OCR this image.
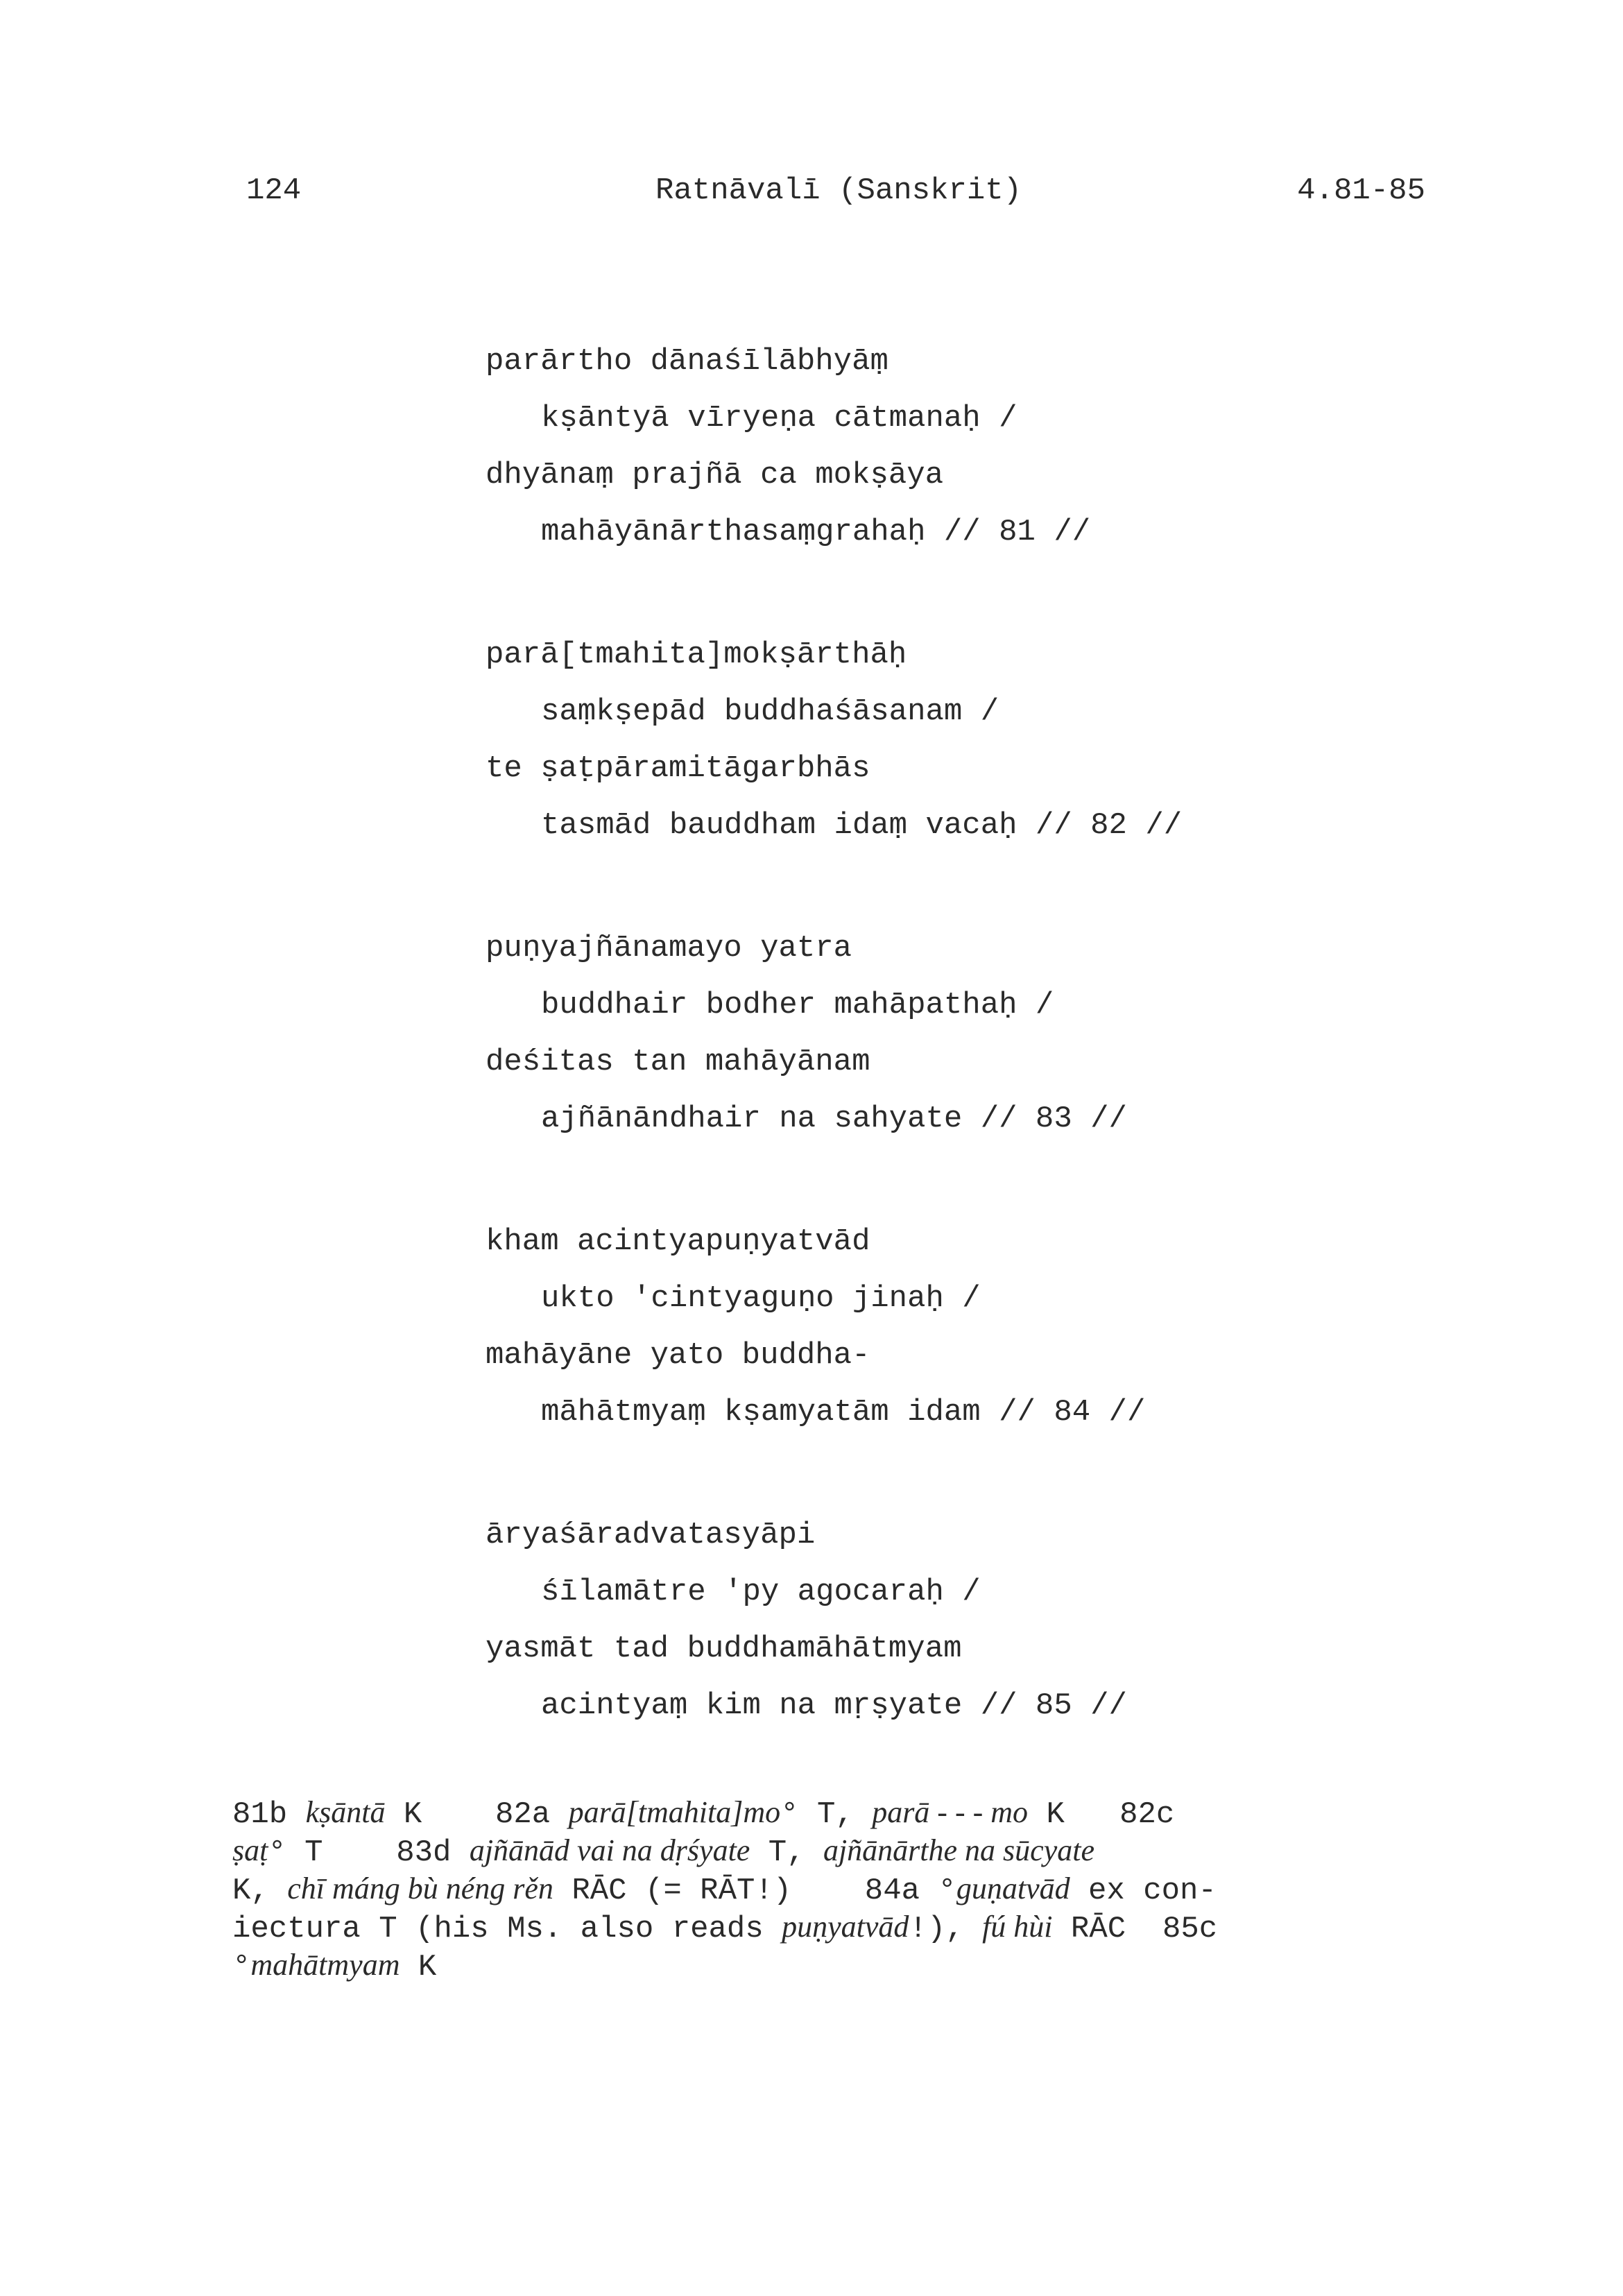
124	Ratnāvalī (Sanskrit)	4.81-85
parārtho dānaśīlābhyāṃ
kṣāntyā vīryeṇa cātmanaḥ /
dhyānaṃ prajñā ca mokṣāya
mahāyānārthasaṃgrahaḥ // 81 //
parā[tmahita]mokṣārthāḥ
saṃkṣepād buddhaśāsanam /
te ṣaṭpāramitāgarbhās
tasmād bauddham idaṃ vacaḥ // 82 //
puṇyajñānamayo yatra
buddhair bodher mahāpathaḥ /
deśitas tan mahāyānam
ajñānāndhair na sahyate // 83 //
kham acintyapuṇyatvād
ukto 'cintyaguṇo jinaḥ /
mahāyāne yato buddha-
māhātmyaṃ kṣamyatām idam // 84 //
āryaśāradvatasyāpi
śīlamātre 'py agocaraḥ /
yasmāt tad buddhamāhātmyam
acintyaṃ kim na mṛṣyate // 85 //
81b kṣāntā K    82a parā[tmahita]mo° T, parā - - - mo K   82c
ṣaṭ° T    83d ajñānād vai na dṛśyate T, ajñānārthe na sūcyate
K, chī máng bù néng rěn RĀC (= RĀT!)    84a °guṇatvād ex con-
iectura T (his Ms. also reads puṇyatvād!), fú hùi RĀC  85c
°mahātmyam K
